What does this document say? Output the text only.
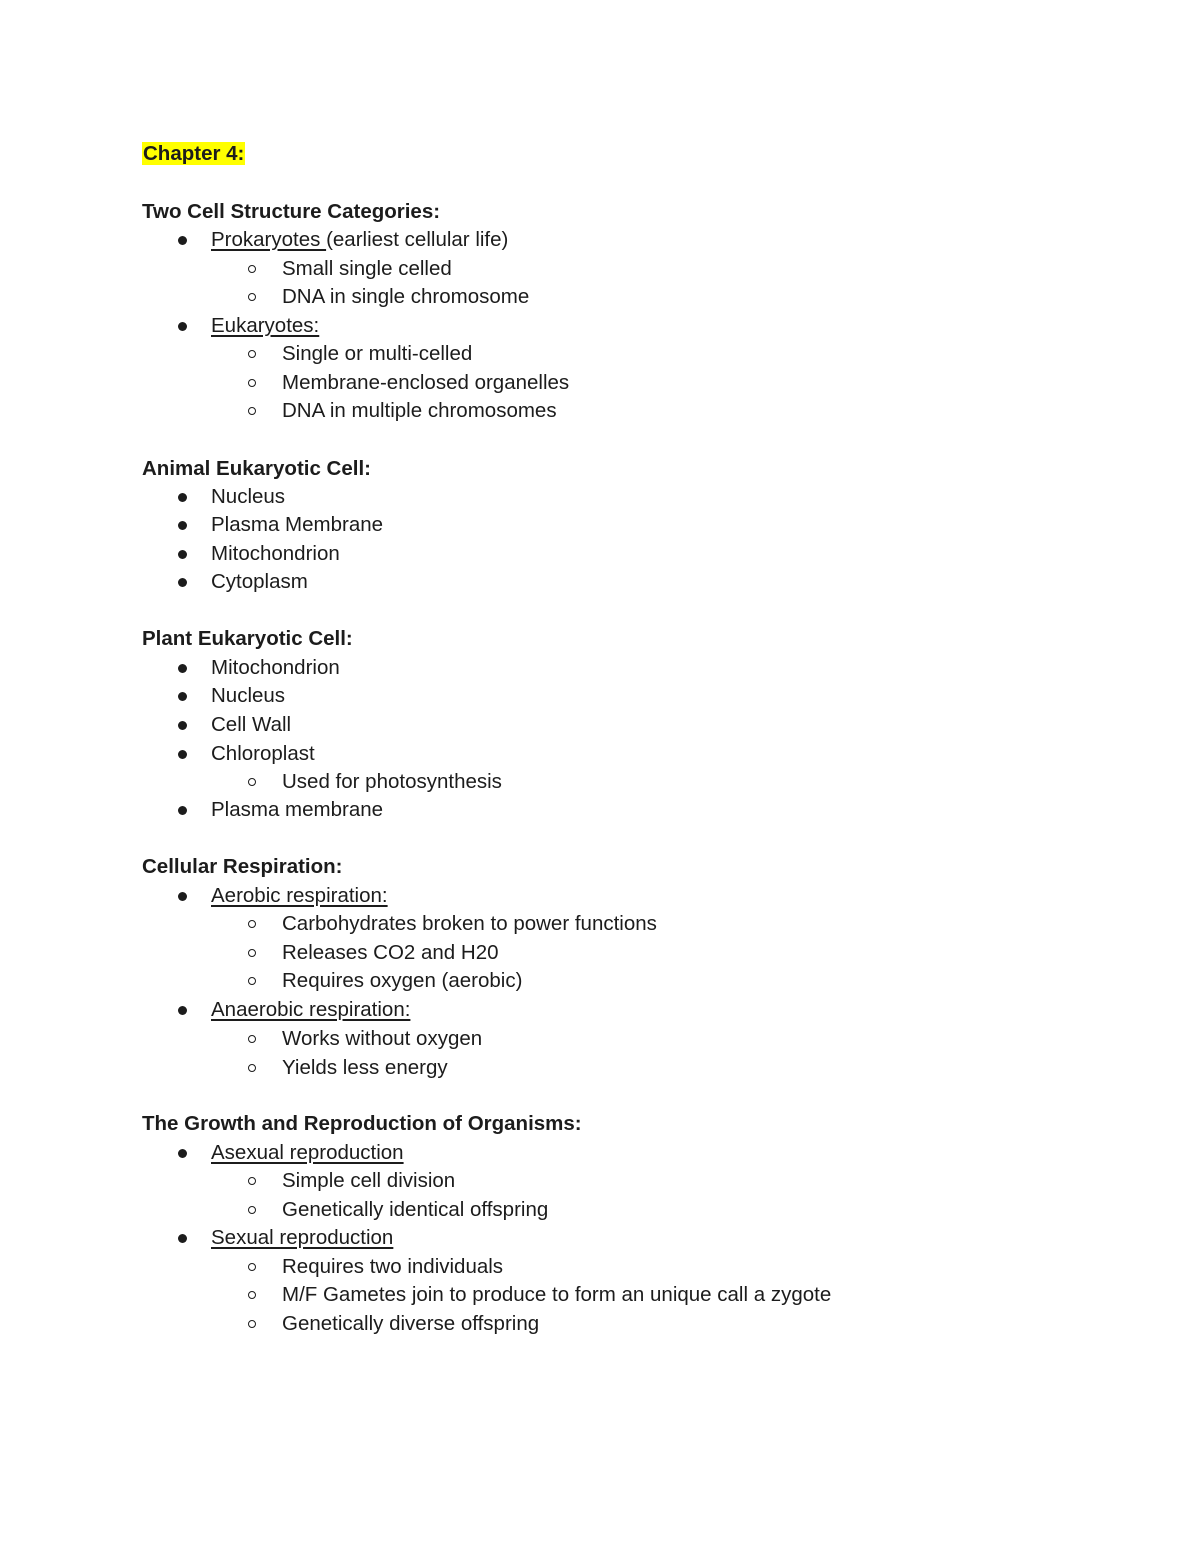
Chapter 4:
Two Cell Structure Categories:
Prokaryotes (earliest cellular life)
Small single celled
DNA in single chromosome
Eukaryotes:
Single or multi-celled
Membrane-enclosed organelles
DNA in multiple chromosomes
Animal Eukaryotic Cell:
Nucleus
Plasma Membrane
Mitochondrion
Cytoplasm
Plant Eukaryotic Cell:
Mitochondrion
Nucleus
Cell Wall
Chloroplast
Used for photosynthesis
Plasma membrane
Cellular Respiration:
Aerobic respiration:
Carbohydrates broken to power functions
Releases CO2 and H20
Requires oxygen (aerobic)
Anaerobic respiration:
Works without oxygen
Yields less energy
The Growth and Reproduction of Organisms:
Asexual reproduction
Simple cell division
Genetically identical offspring
Sexual reproduction
Requires two individuals
M/F Gametes join to produce to form an unique call a zygote
Genetically diverse offspring
